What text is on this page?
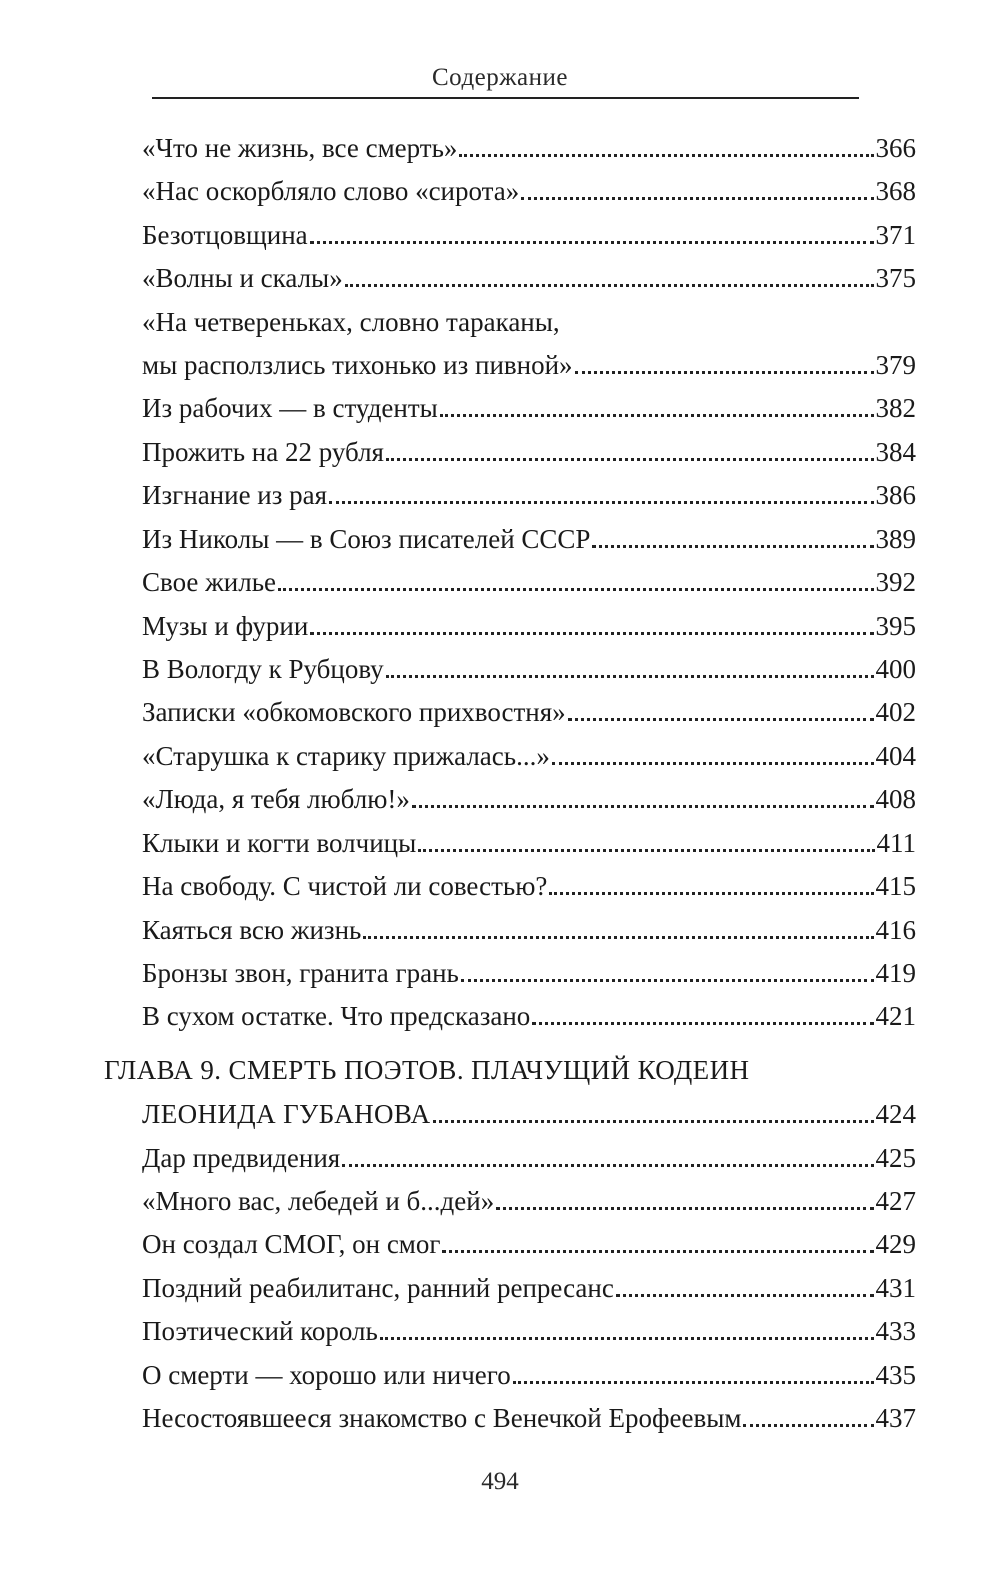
Содержание
«Что не жизнь, все смерть»	366
«Нас оскорбляло слово «сирота»	368
Безотцовщина	371
«Волны и скалы»	375
«На четвереньках, словно тараканы,
мы расползлись тихонько из пивной»	379
Из рабочих — в студенты	382
Прожить на 22 рубля	384
Изгнание из рая	386
Из Николы — в Союз писателей СССР	389
Свое жилье	392
Музы и фурии	395
В Вологду к Рубцову	400
Записки «обкомовского прихвостня»	402
«Старушка к старику прижалась...»	404
«Люда, я тебя люблю!»	408
Клыки и когти волчицы	411
На свободу. С чистой ли совестью?	415
Каяться всю жизнь	416
Бронзы звон, гранита грань	419
В сухом остатке. Что предсказано	421
ГЛАВА 9. СМЕРТЬ ПОЭТОВ. ПЛАЧУЩИЙ КОДЕИН
ЛЕОНИДА ГУБАНОВА	424
Дар предвидения	425
«Много вас, лебедей и б...дей»	427
Он создал СМОГ, он смог	429
Поздний реабилитанс, ранний репресанс	431
Поэтический король	433
О смерти — хорошо или ничего	435
Несостоявшееся знакомство с Венечкой Ерофеевым	437
494
